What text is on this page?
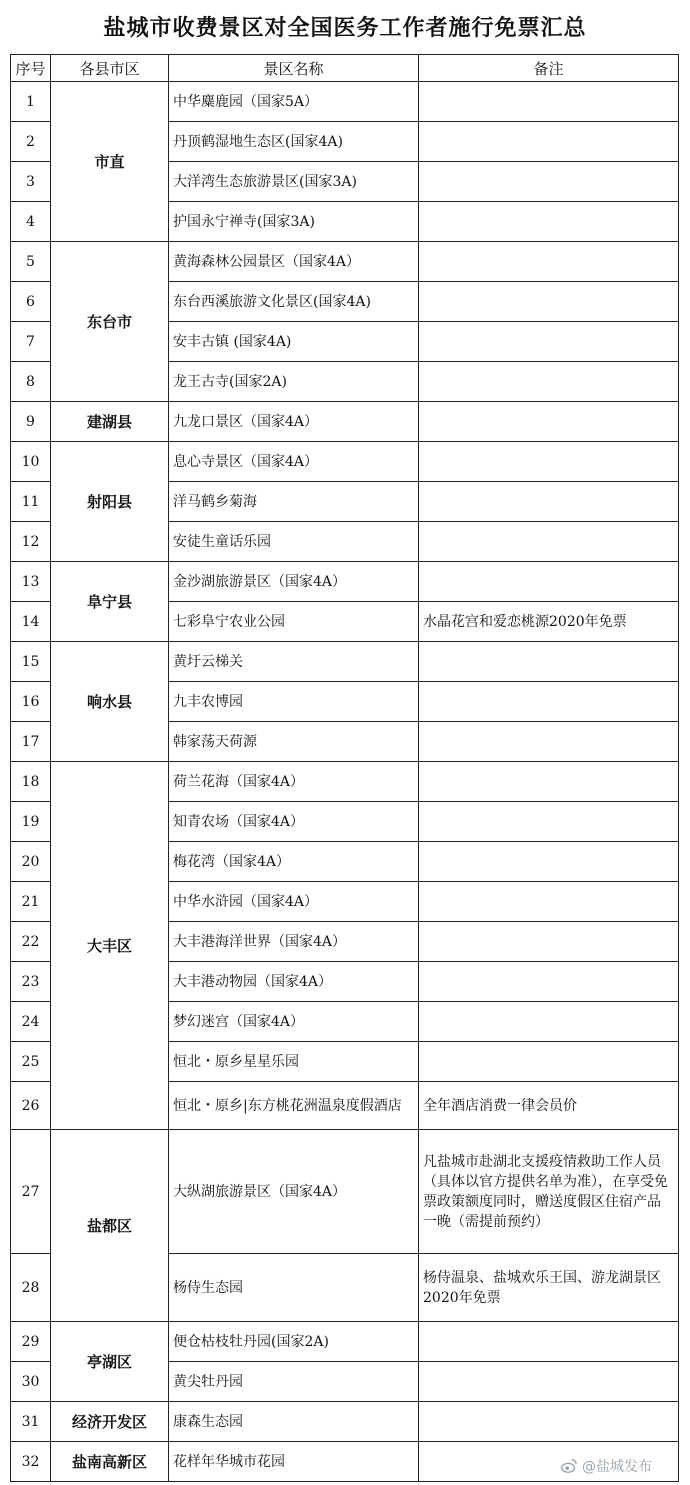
盐城市收费景区对全国医务工作者施行免票汇总
序号	各县市区	景区名称	备注
1	市直	中华麋鹿园（国家5A）	
2		丹顶鹤湿地生态区(国家4A)	
3		大洋湾生态旅游景区(国家3A)	
4		护国永宁禅寺(国家3A)	
5	东台市	黄海森林公园景区（国家4A）	
6		东台西溪旅游文化景区(国家4A)	
7		安丰古镇 (国家4A)	
8		龙王古寺(国家2A)	
9	建湖县	九龙口景区（国家4A）	
10	射阳县	息心寺景区（国家4A）	
11		洋马鹤乡菊海	
12		安徒生童话乐园	
13	阜宁县	金沙湖旅游景区（国家4A）	
14		七彩阜宁农业公园	水晶花宫和爱恋桃源2020年免票
15	响水县	黄圩云梯关	
16		九丰农博园	
17		韩家荡天荷源	
18	大丰区	荷兰花海（国家4A）	
19		知青农场（国家4A）	
20		梅花湾（国家4A）	
21		中华水浒园（国家4A）	
22		大丰港海洋世界（国家4A）	
23		大丰港动物园（国家4A）	
24		梦幻迷宫（国家4A）	
25		恒北・原乡星星乐园	
26		恒北・原乡|东方桃花洲温泉度假酒店	全年酒店消费一律会员价
27	盐都区	大纵湖旅游景区（国家4A）	凡盐城市赴湖北支援疫情救助工作人员（具体以官方提供名单为准），在享受免票政策额度同时，赠送度假区住宿产品一晚（需提前预约）
28		杨侍生态园	杨侍温泉、盐城欢乐王国、游龙湖景区2020年免票
29	亭湖区	便仓枯枝牡丹园(国家2A)	
30		黄尖牡丹园	
31	经济开发区	康森生态园	
32	盐南高新区	花样年华城市花园		@盐城发布
